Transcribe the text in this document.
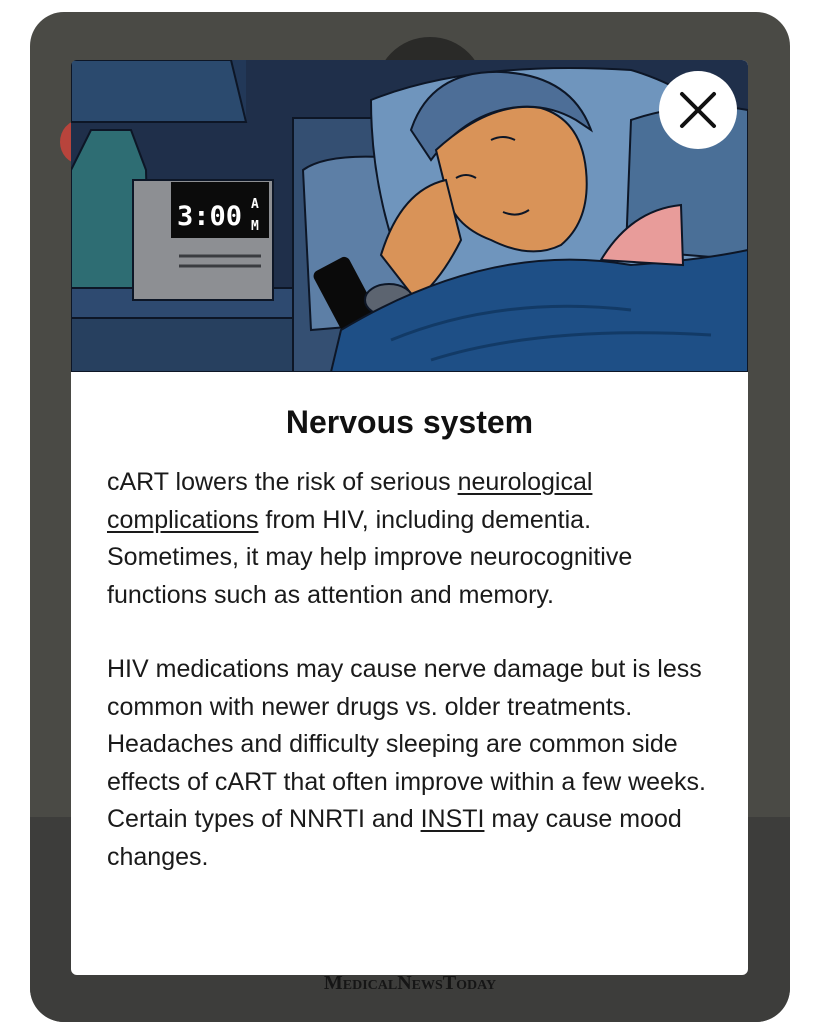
3:00 A
M
Nervous system

cART lowers the risk of serious neurological complications from HIV, including dementia. Sometimes, it may help improve neurocognitive functions such as attention and memory.

HIV medications may cause nerve damage but is less common with newer drugs vs. older treatments. Headaches and difficulty sleeping are common side effects of cART that often improve within a few weeks. Certain types of NNRTI and INSTI may cause mood changes.

MedicalNewsToday
